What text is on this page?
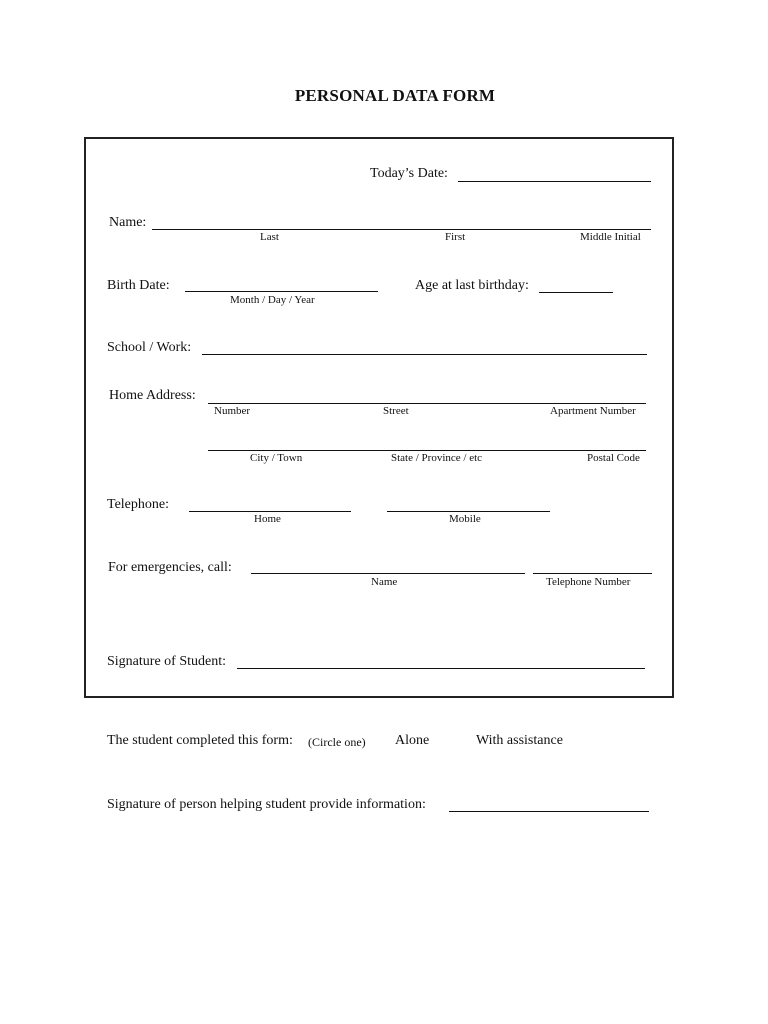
PERSONAL DATA FORM
Today’s Date:
Name:
Last	First	Middle Initial
Birth Date:
Month / Day / Year
Age at last birthday:
School / Work:
Home Address:
Number	Street	Apartment Number
City / Town	State / Province / etc	Postal Code
Telephone:
Home	Mobile
For emergencies, call:
Name	Telephone Number
Signature of Student:
The student completed this form: (Circle one) Alone	With assistance
Signature of person helping student provide information:
